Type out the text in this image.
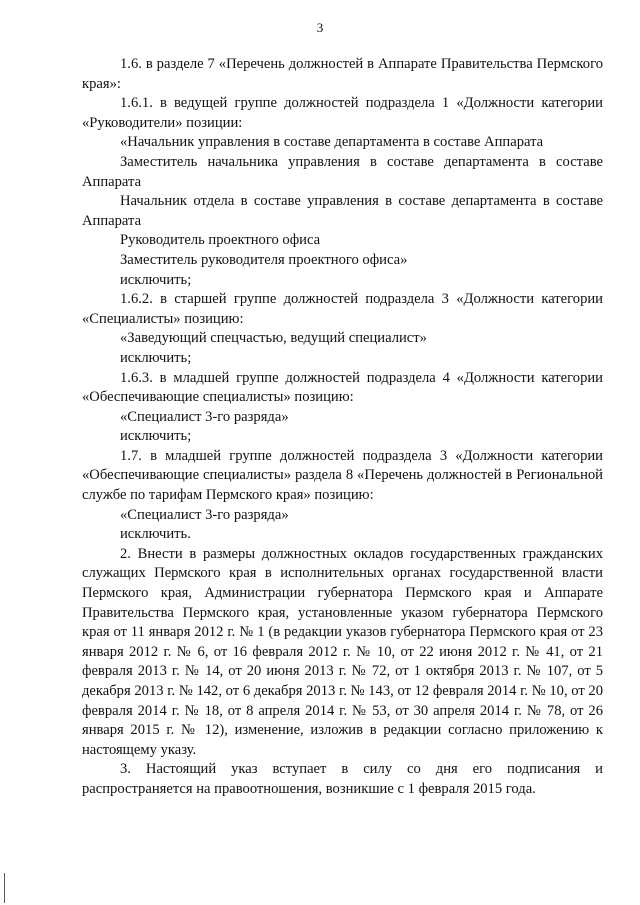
3

1.6. в разделе 7 «Перечень должностей в Аппарате Правительства Пермского края»:

1.6.1. в ведущей группе должностей подраздела 1 «Должности категории «Руководители» позиции:

«Начальник управления в составе департамента в составе Аппарата

Заместитель начальника управления в составе департамента в составе Аппарата

Начальник отдела в составе управления в составе департамента в составе Аппарата

Руководитель проектного офиса

Заместитель руководителя проектного офиса»

исключить;

1.6.2. в старшей группе должностей подраздела 3 «Должности категории «Специалисты» позицию:

«Заведующий спецчастью, ведущий специалист»

исключить;

1.6.3. в младшей группе должностей подраздела 4 «Должности категории «Обеспечивающие специалисты» позицию:

«Специалист 3-го разряда»

исключить;

1.7. в младшей группе должностей подраздела 3 «Должности категории «Обеспечивающие специалисты» раздела 8 «Перечень должностей в Региональной службе по тарифам Пермского края» позицию:

«Специалист 3-го разряда»

исключить.

2. Внести в размеры должностных окладов государственных гражданских служащих Пермского края в исполнительных органах государственной власти Пермского края, Администрации губернатора Пермского края и Аппарате Правительства Пермского края, установленные указом губернатора Пермского края от 11 января 2012 г. № 1 (в редакции указов губернатора Пермского края от 23 января 2012 г. № 6, от 16 февраля 2012 г. № 10, от 22 июня 2012 г. № 41, от 21 февраля 2013 г. № 14, от 20 июня 2013 г. № 72, от 1 октября 2013 г. № 107, от 5 декабря 2013 г. № 142, от 6 декабря 2013 г. № 143, от 12 февраля 2014 г. № 10, от 20 февраля 2014 г. № 18, от 8 апреля 2014 г. № 53, от 30 апреля 2014 г. № 78, от 26 января 2015 г. № 12), изменение, изложив в редакции согласно приложению к настоящему указу.

3. Настоящий указ вступает в силу со дня его подписания и распространяется на правоотношения, возникшие с 1 февраля 2015 года.
